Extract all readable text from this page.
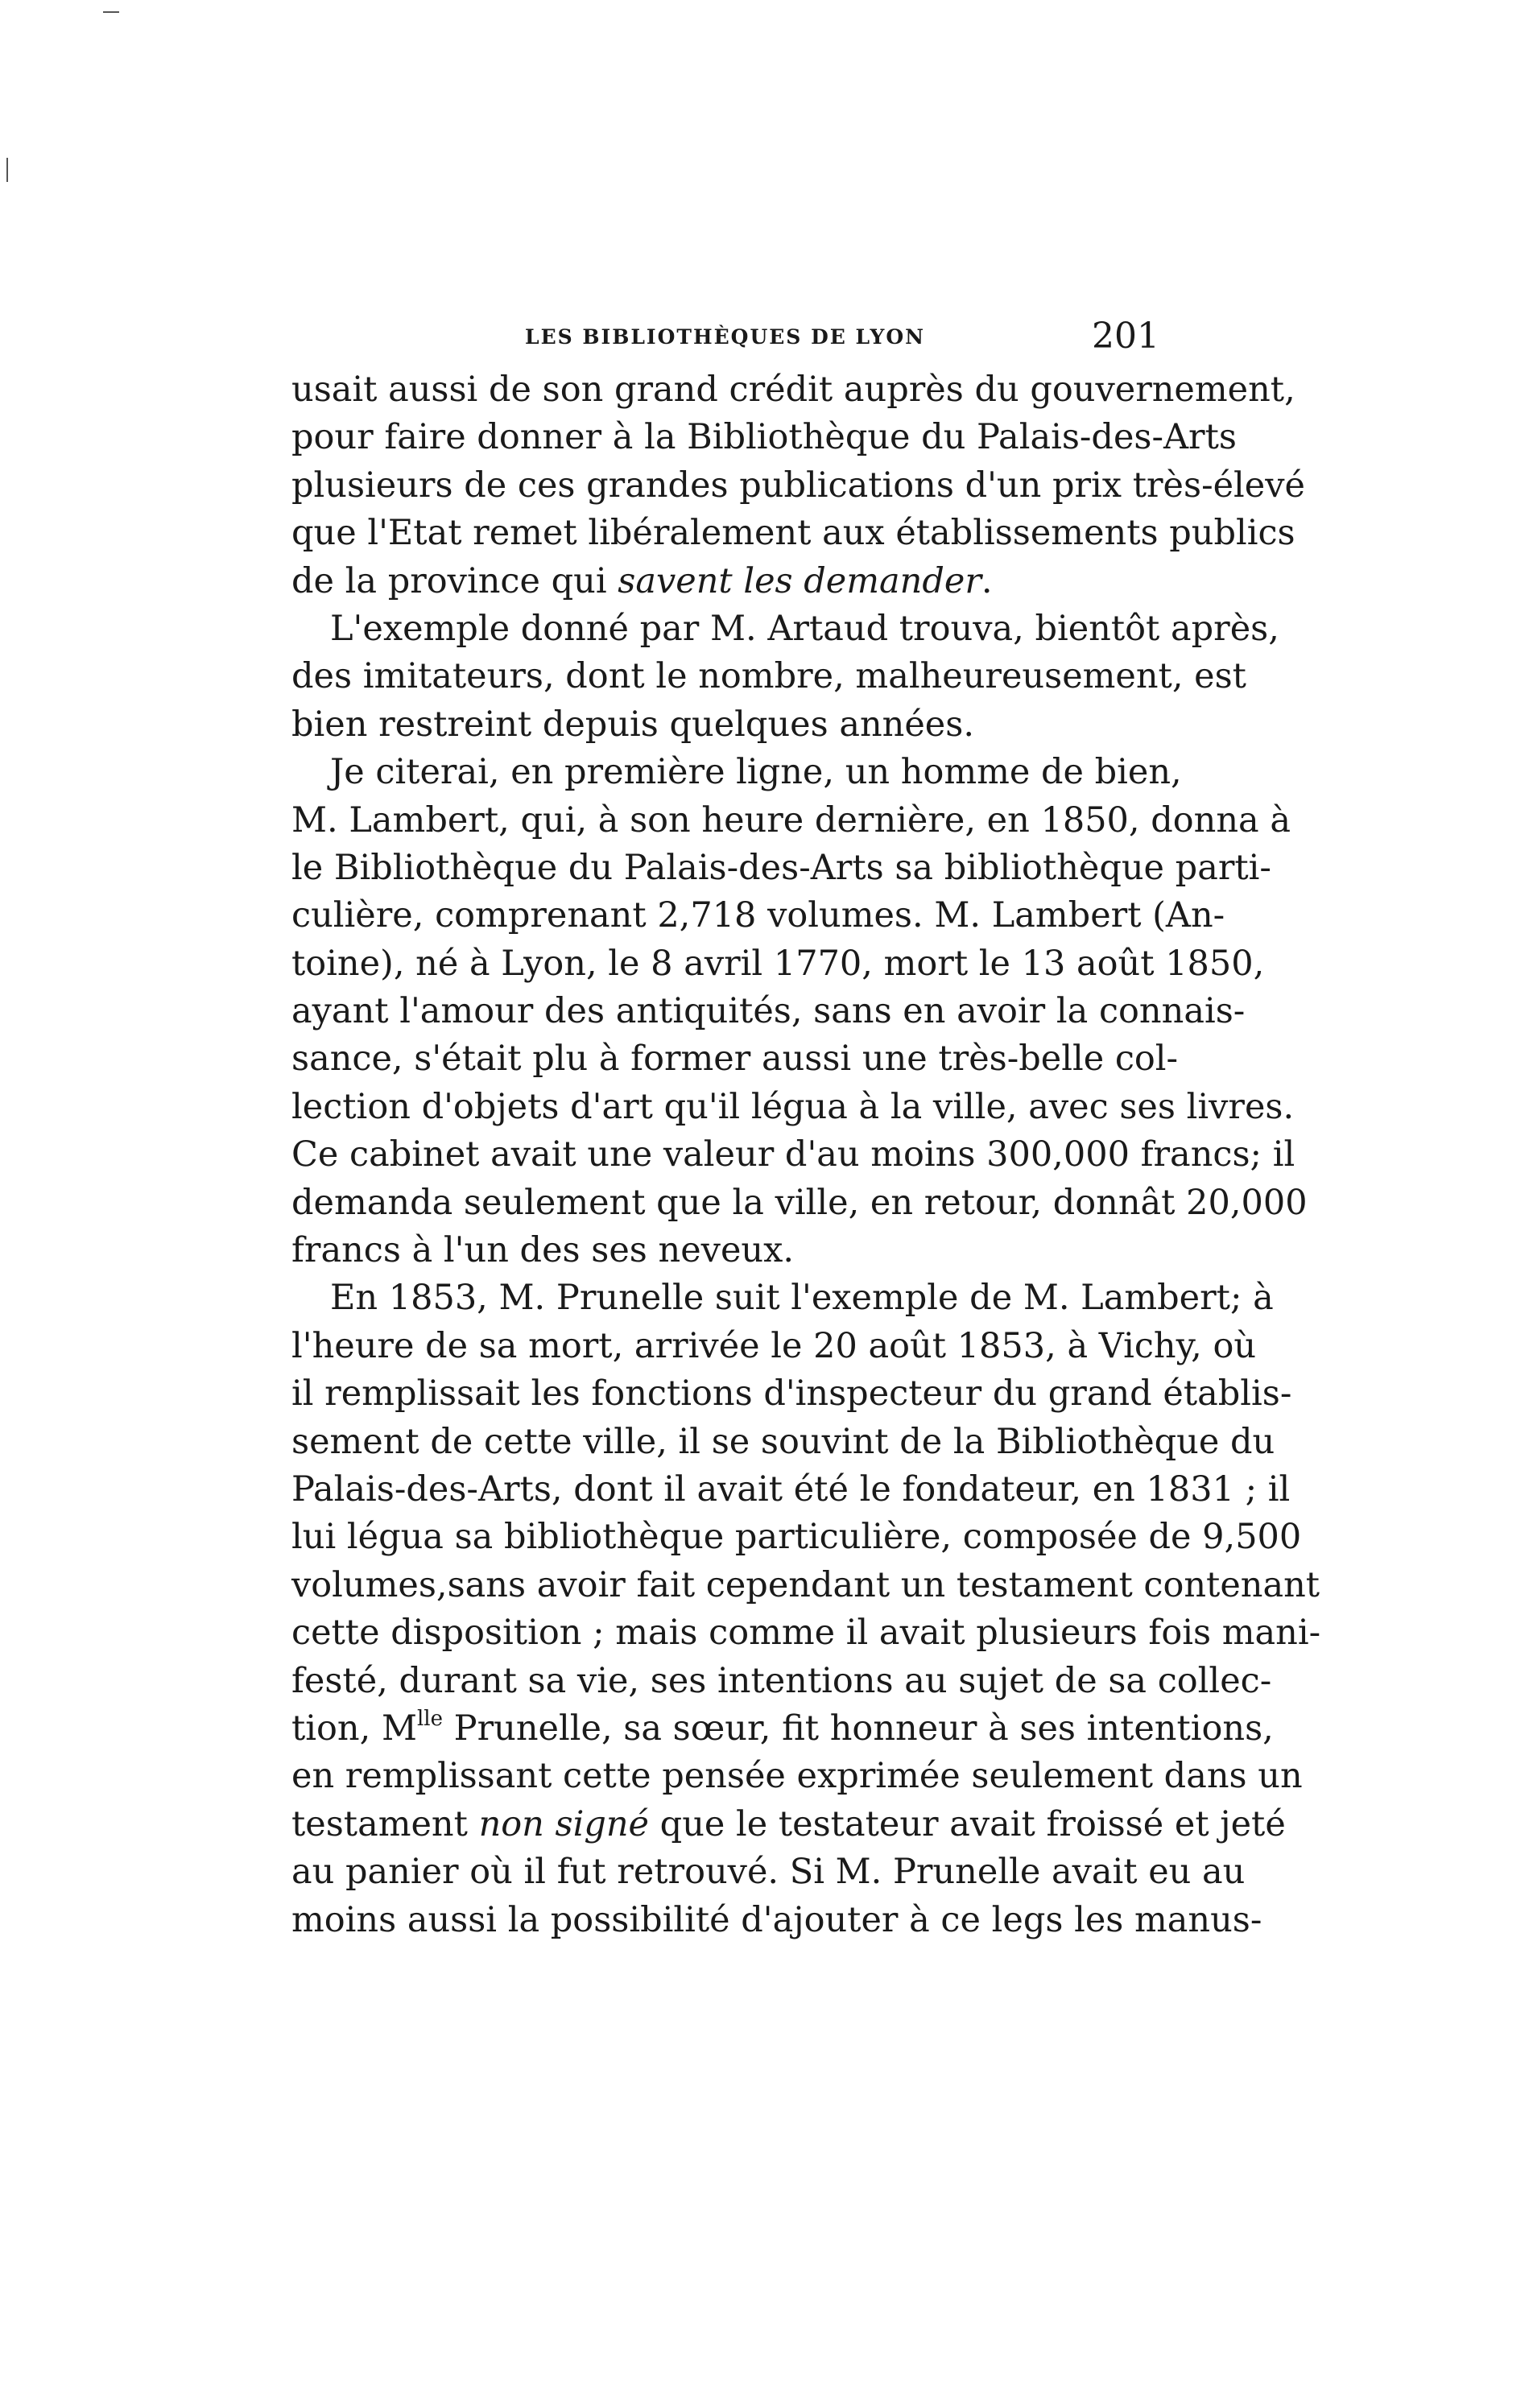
LES BIBLIOTHÈQUES DE LYON	201
usait aussi de son grand crédit auprès du gouvernement,
pour faire donner à la Bibliothèque du Palais-des-Arts
plusieurs de ces grandes publications d'un prix très-élevé
que l'Etat remet libéralement aux établissements publics
de la province qui savent les demander.
L'exemple donné par M. Artaud trouva, bientôt après,
des imitateurs, dont le nombre, malheureusement, est
bien restreint depuis quelques années.
Je citerai, en première ligne, un homme de bien,
M. Lambert, qui, à son heure dernière, en 1850, donna à
le Bibliothèque du Palais-des-Arts sa bibliothèque parti-
culière, comprenant 2,718 volumes. M. Lambert (An-
toine), né à Lyon, le 8 avril 1770, mort le 13 août 1850,
ayant l'amour des antiquités, sans en avoir la connais-
sance, s'était plu à former aussi une très-belle col-
lection d'objets d'art qu'il légua à la ville, avec ses livres.
Ce cabinet avait une valeur d'au moins 300,000 francs; il
demanda seulement que la ville, en retour, donnât 20,000
francs à l'un des ses neveux.
En 1853, M. Prunelle suit l'exemple de M. Lambert; à
l'heure de sa mort, arrivée le 20 août 1853, à Vichy, où
il remplissait les fonctions d'inspecteur du grand établis-
sement de cette ville, il se souvint de la Bibliothèque du
Palais-des-Arts, dont il avait été le fondateur, en 1831 ; il
lui légua sa bibliothèque particulière, composée de 9,500
volumes,sans avoir fait cependant un testament contenant
cette disposition ; mais comme il avait plusieurs fois mani-
festé, durant sa vie, ses intentions au sujet de sa collec-
tion, $M^{lle}$ Prunelle, sa sœur, fit honneur à ses intentions,
en remplissant cette pensée exprimée seulement dans un
testament non signé que le testateur avait froissé et jeté
au panier où il fut retrouvé. Si M. Prunelle avait eu au
moins aussi la possibilité d'ajouter à ce legs les manus-
